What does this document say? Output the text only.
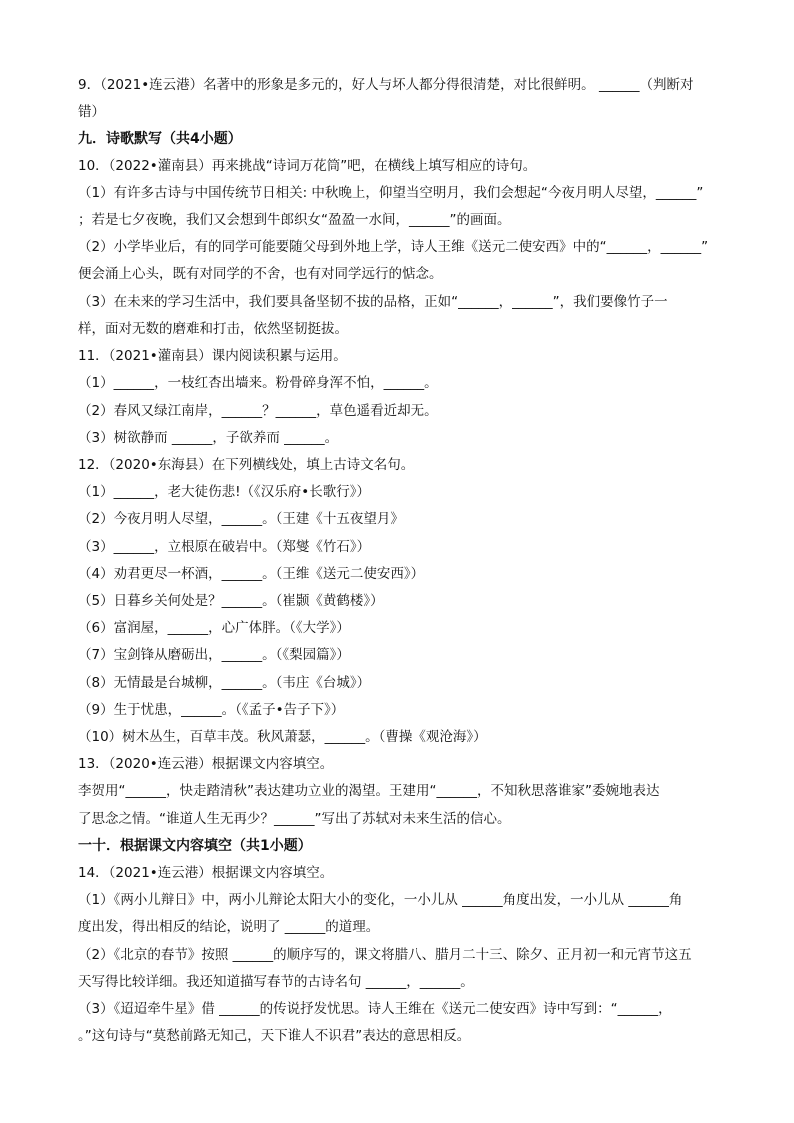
9．（2021•连云港）名著中的形象是多元的，好人与坏人都分得很清楚，对比很鲜明。 ______（判断对
错）
九．诗歌默写（共4小题）
10．（2022•灌南县）再来挑战“诗词万花筒”吧，在横线上填写相应的诗句。
（1）有许多古诗与中国传统节日相关: 中秋晚上，仰望当空明月，我们会想起“今夜月明人尽望，______”
；若是七夕夜晚，我们又会想到牛郎织女“盈盈一水间，______”的画面。
（2）小学毕业后，有的同学可能要随父母到外地上学，诗人王维《送元二使安西》中的“______，______”
便会涌上心头，既有对同学的不舍，也有对同学远行的惦念。
（3）在未来的学习生活中，我们要具备坚韧不拔的品格，正如“______，______”，我们要像竹子一
样，面对无数的磨难和打击，依然坚韧挺拔。
11．（2021•灌南县）课内阅读积累与运用。
（1）______，一枝红杏出墙来。粉骨碎身浑不怕，______。
（2）春风又绿江南岸，______？______，草色遥看近却无。
（3）树欲静而 ______，子欲养而 ______。
12．（2020•东海县）在下列横线处，填上古诗文名句。
（1）______，老大徒伤悲!（《汉乐府•长歌行》）
（2）今夜月明人尽望，______。（王建《十五夜望月》
（3）______，立根原在破岩中。（郑燮《竹石》）
（4）劝君更尽一杯酒，______。（王维《送元二使安西》）
（5）日暮乡关何处是？______。（崔颢《黄鹤楼》）
（6）富润屋，______，心广体胖。（《大学》）
（7）宝剑锋从磨砺出，______。（《梨园篇》）
（8）无情最是台城柳，______。（韦庄《台城》）
（9）生于忧患，______。（《孟子•告子下》）
（10）树木丛生，百草丰茂。秋风萧瑟，______。（曹操《观沧海》）
13．（2020•连云港）根据课文内容填空。
李贺用“______，快走踏清秋”表达建功立业的渴望。王建用“______，不知秋思落谁家”委婉地表达
了思念之情。“谁道人生无再少？______”写出了苏轼对未来生活的信心。
一十．根据课文内容填空（共1小题）
14．（2021•连云港）根据课文内容填空。
（1）《两小儿辩日》中，两小儿辩论太阳大小的变化，一小儿从 ______角度出发，一小儿从 ______角
度出发，得出相反的结论，说明了 ______的道理。
（2）《北京的春节》按照 ______的顺序写的，课文将腊八、腊月二十三、除夕、正月初一和元宵节这五
天写得比较详细。我还知道描写春节的古诗名句 ______，______。
（3）《迢迢牵牛星》借 ______的传说抒发忧思。诗人王维在《送元二使安西》诗中写到：“______，
。”这句诗与“莫愁前路无知己，天下谁人不识君”表达的意思相反。
